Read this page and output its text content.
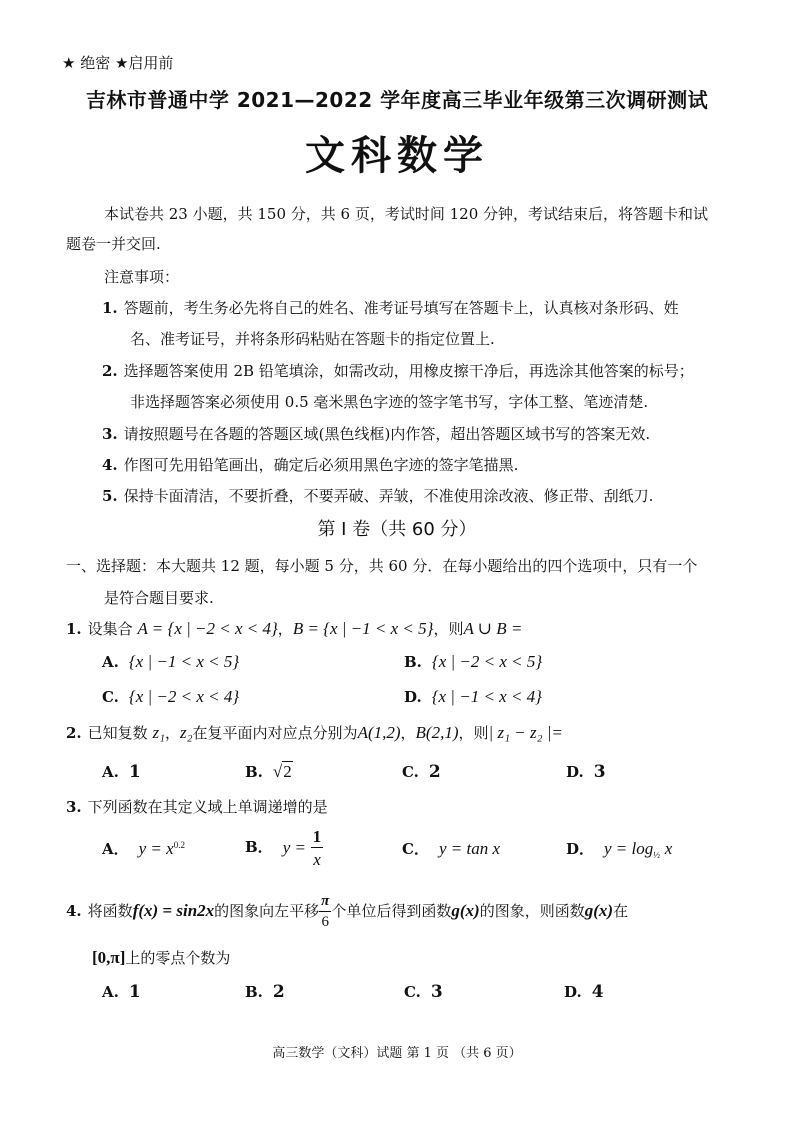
★ 绝密 ★启用前
吉林市普通中学 2021—2022 学年度高三毕业年级第三次调研测试
文科数学
本试卷共 23 小题，共 150 分，共 6 页，考试时间 120 分钟，考试结束后，将答题卡和试
题卷一并交回.
注意事项：
1. 答题前，考生务必先将自己的姓名、准考证号填写在答题卡上，认真核对条形码、姓
名、准考证号，并将条形码粘贴在答题卡的指定位置上.
2. 选择题答案使用 2B 铅笔填涂，如需改动，用橡皮擦干净后，再选涂其他答案的标号；
非选择题答案必须使用 0.5 毫米黑色字迹的签字笔书写，字体工整、笔迹清楚.
3. 请按照题号在各题的答题区域(黑色线框)内作答，超出答题区域书写的答案无效.
4. 作图可先用铅笔画出，确定后必须用黑色字迹的签字笔描黑.
5. 保持卡面清洁，不要折叠，不要弄破、弄皱，不准使用涂改液、修正带、刮纸刀.
第 I 卷（共 60 分）
一、选择题：本大题共 12 题，每小题 5 分，共 60 分．在每小题给出的四个选项中，只有一个
是符合题目要求.
1. 设集合 A = {x | −2 < x < 4}，B = {x | −1 < x < 5}，则A ∪ B =
A. {x | −1 < x < 5}	B. {x | −2 < x < 5}
C. {x | −2 < x < 4}	D. {x | −1 < x < 4}
2. 已知复数 z₁，z₂在复平面内对应点分别为A(1,2)，B(2,1)，则| z₁ − z₂ |=
A. 1	B. √2	C. 2	D. 3
3. 下列函数在其定义域上单调递增的是
A． $y = x^{0.2}$	B． $y = \frac{1}{x}$	C． y = tan x	D． $y = \log_{\frac{1}{2}} x$
4. 将函数f(x) = sin2x的图象向左平移 $\frac{\pi}{6}$ 个单位后得到函数g(x)的图象，则函数g(x)在
[0,π]上的零点个数为
A. 1	B. 2	C. 3	D. 4
高三数学（文科）试题 第 1 页 （共 6 页）
